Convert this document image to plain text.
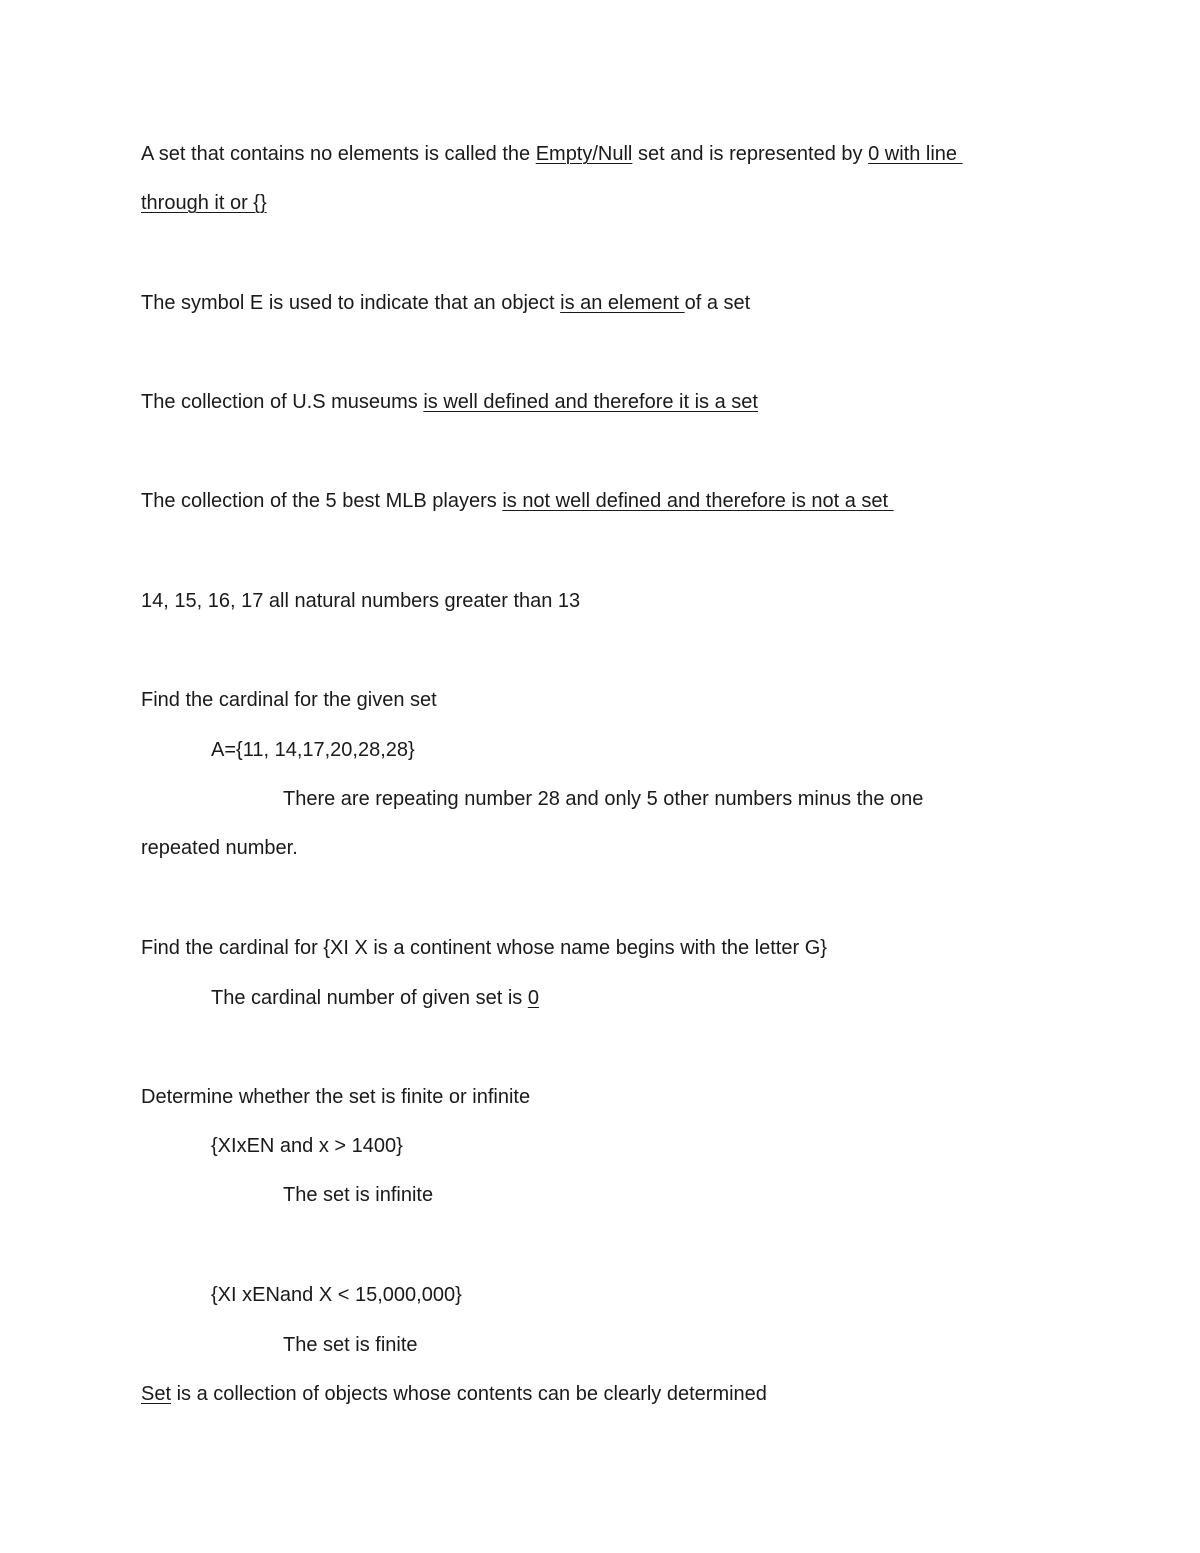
A set that contains no elements is called the Empty/Null set and is represented by 0 with line
through it or {}
The symbol E is used to indicate that an object is an element of a set
The collection of U.S museums is well defined and therefore it is a set
The collection of the 5 best MLB players is not well defined and therefore is not a set
14, 15, 16, 17 all natural numbers greater than 13
Find the cardinal for the given set
A={11, 14,17,20,28,28}
There are repeating number 28 and only 5 other numbers minus the one
repeated number.
Find the cardinal for {XI X is a continent whose name begins with the letter G}
The cardinal number of given set is 0
Determine whether the set is finite or infinite
{XIxEN and x > 1400}
The set is infinite
{XI xENand X < 15,000,000}
The set is finite
Set is a collection of objects whose contents can be clearly determined
